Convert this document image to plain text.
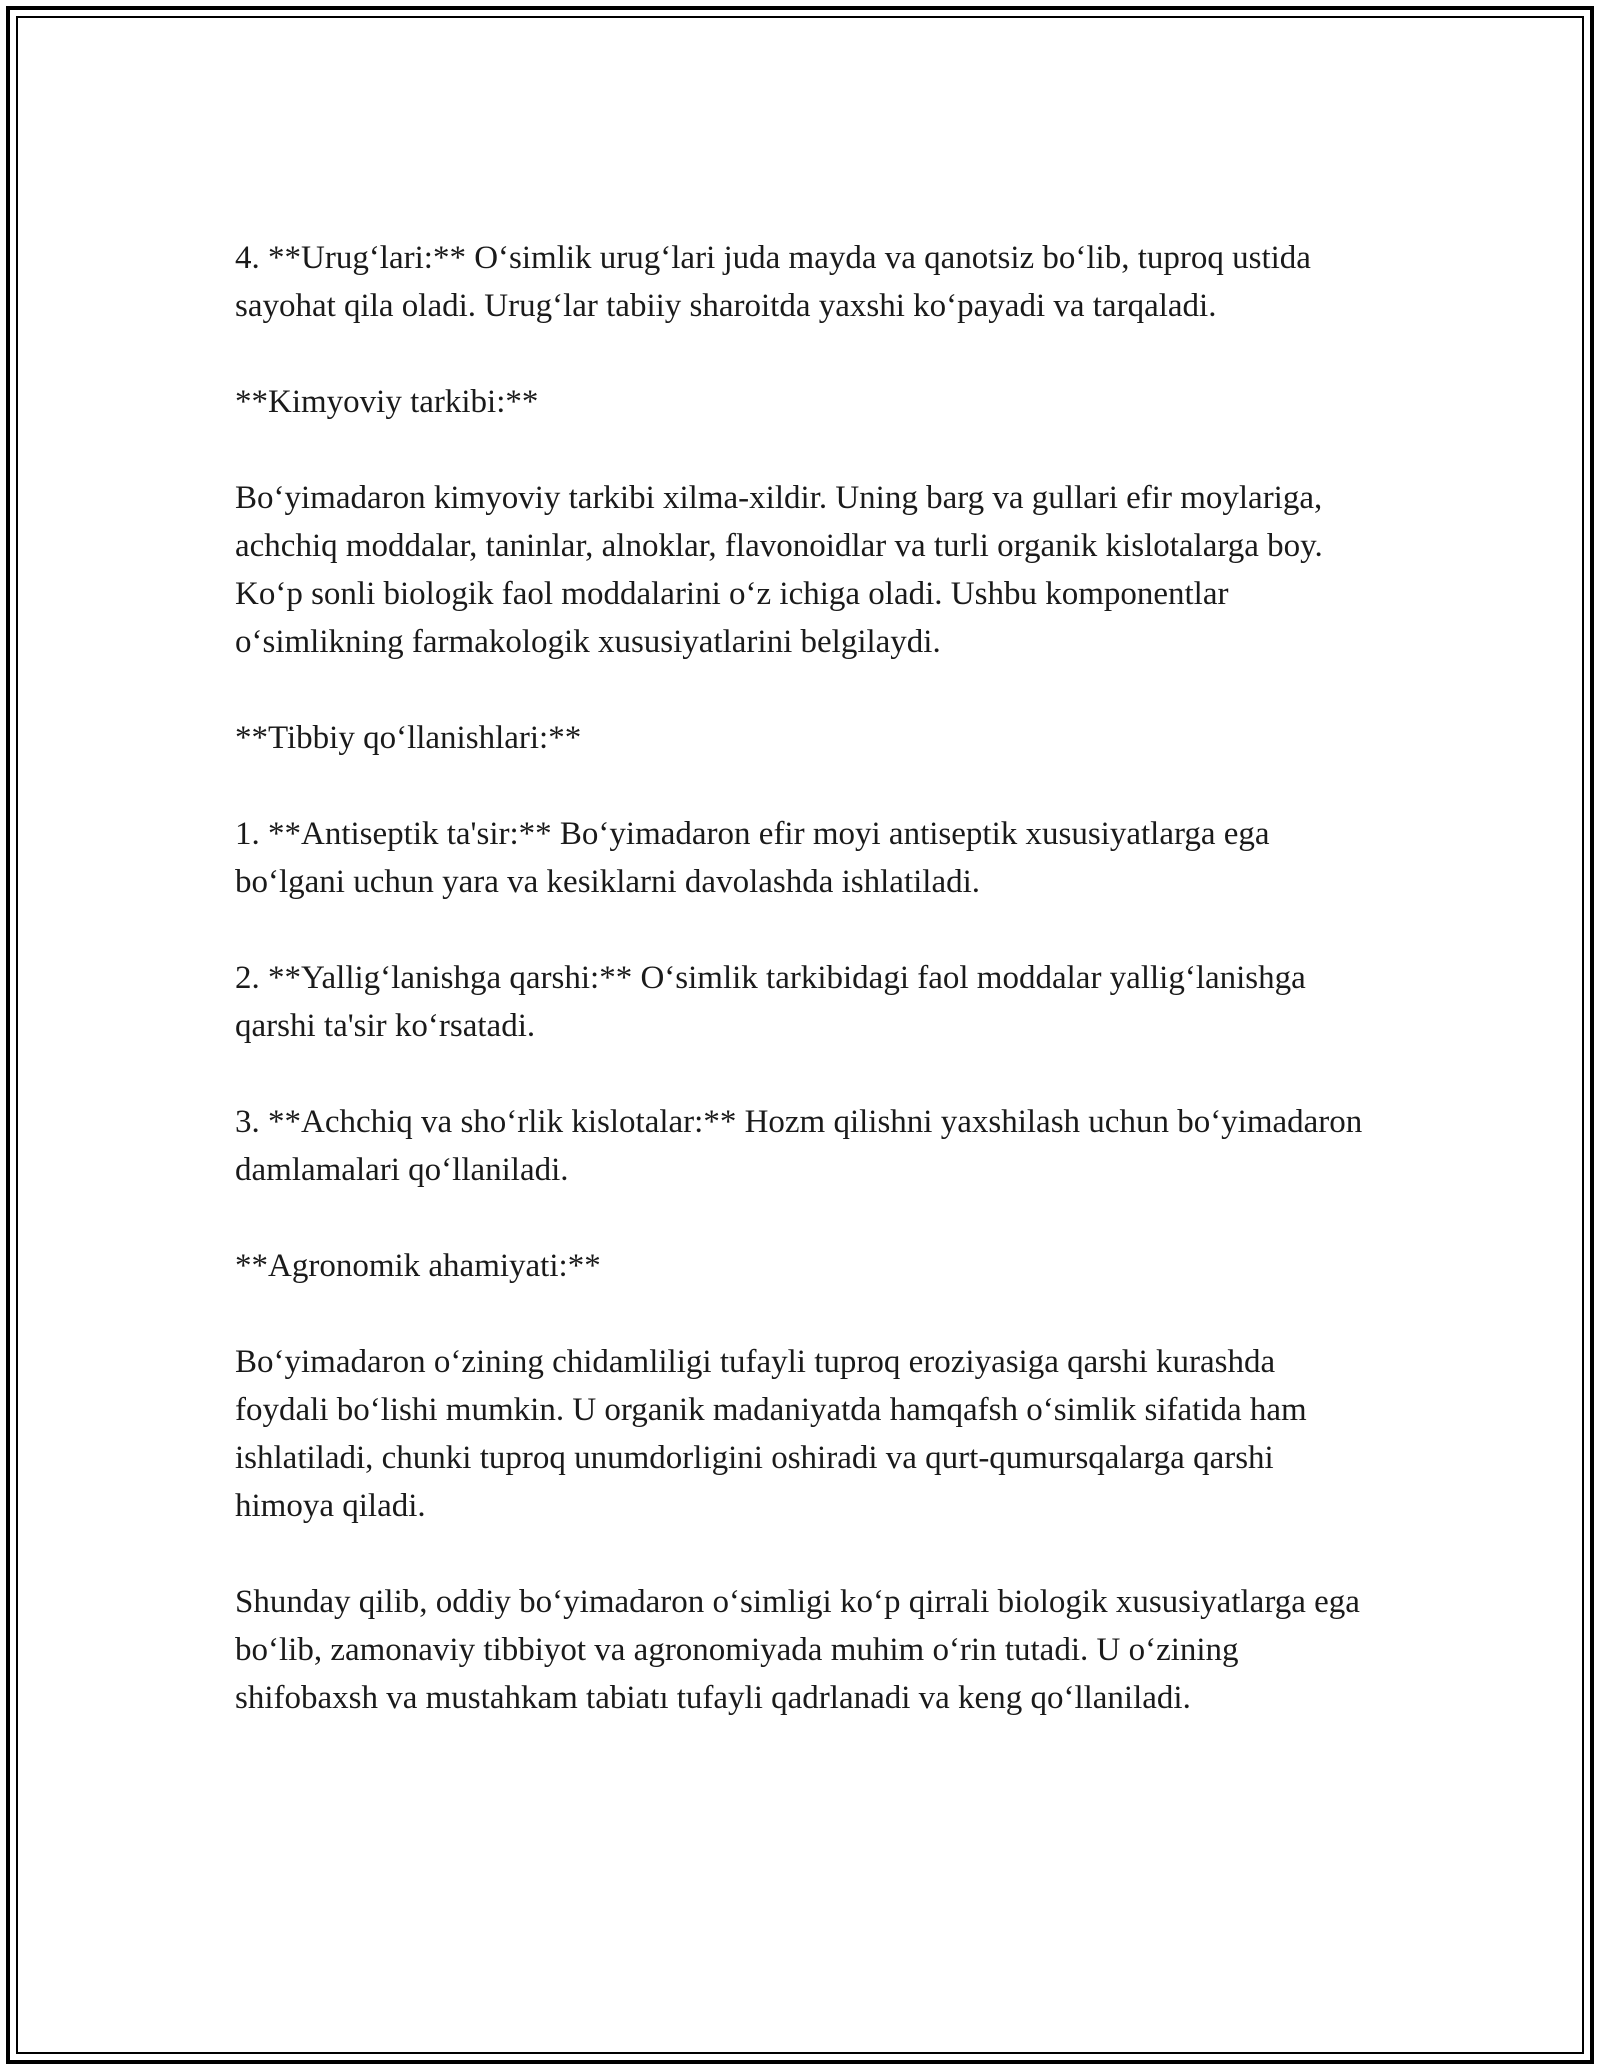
4. **Urug‘lari:** O‘simlik urug‘lari juda mayda va qanotsiz bo‘lib, tuproq ustida sayohat qila oladi. Urug‘lar tabiiy sharoitda yaxshi ko‘payadi va tarqaladi.

**Kimyoviy tarkibi:**

Bo‘yimadaron kimyoviy tarkibi xilma-xildir. Uning barg va gullari efir moylariga, achchiq moddalar, taninlar, alnoklar, flavonoidlar va turli organik kislotalarga boy. Ko‘p sonli biologik faol moddalarini o‘z ichiga oladi. Ushbu komponentlar o‘simlikning farmakologik xususiyatlarini belgilaydi.

**Tibbiy qo‘llanishlari:**

1. **Antiseptik ta'sir:** Bo‘yimadaron efir moyi antiseptik xususiyatlarga ega bo‘lgani uchun yara va kesiklarni davolashda ishlatiladi.

2. **Yallig‘lanishga qarshi:** O‘simlik tarkibidagi faol moddalar yallig‘lanishga qarshi ta'sir ko‘rsatadi.

3. **Achchiq va sho‘rlik kislotalar:** Hozm qilishni yaxshilash uchun bo‘yimadaron damlamalari qo‘llaniladi.

**Agronomik ahamiyati:**

Bo‘yimadaron o‘zining chidamliligi tufayli tuproq eroziyasiga qarshi kurashda foydali bo‘lishi mumkin. U organik madaniyatda hamqafsh o‘simlik sifatida ham ishlatiladi, chunki tuproq unumdorligini oshiradi va qurt-qumursqalarga qarshi himoya qiladi.

Shunday qilib, oddiy bo‘yimadaron o‘simligi ko‘p qirrali biologik xususiyatlarga ega bo‘lib, zamonaviy tibbiyot va agronomiyada muhim o‘rin tutadi. U o‘zining shifobaxsh va mustahkam tabiatı tufayli qadrlanadi va keng qo‘llaniladi.
